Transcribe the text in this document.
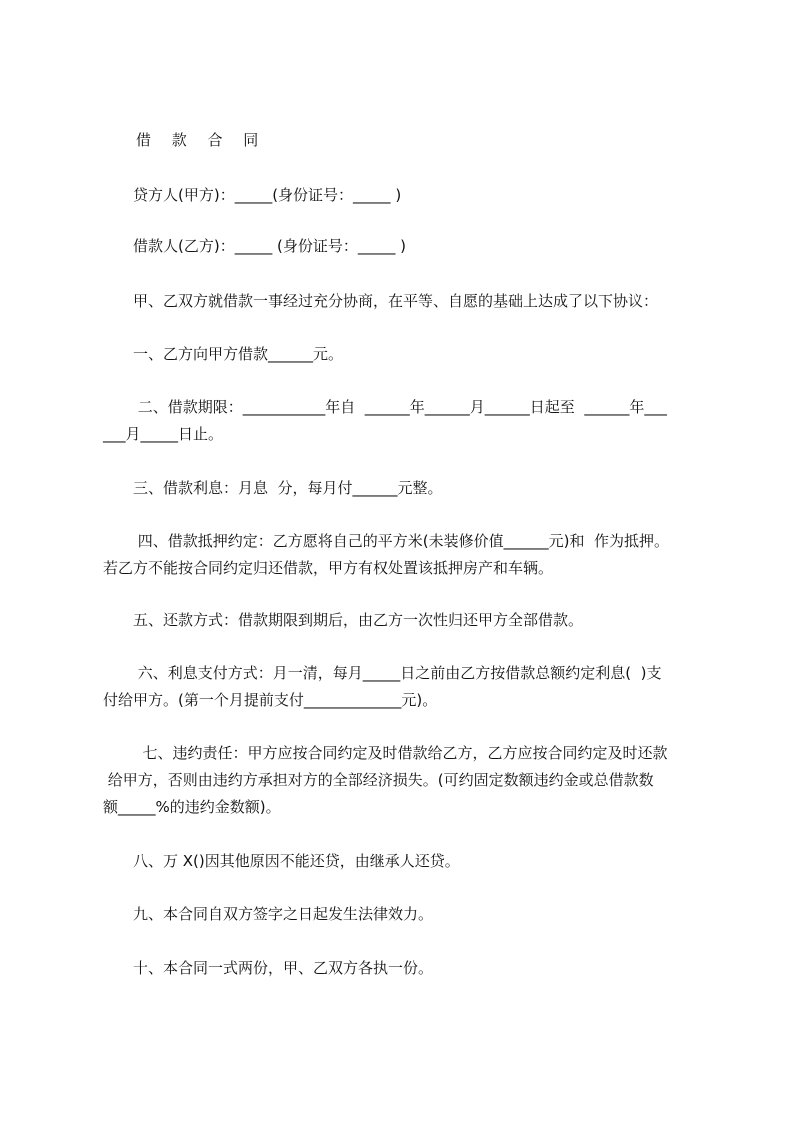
借 款 合 同
　　贷方人(甲方)：_____(身份证号：_____ )
　　借款人(乙方)：_____ (身份证号：_____ )
　　甲、乙双方就借款一事经过充分协商，在平等、自愿的基础上达成了以下协议：
　　一、乙方向甲方借款______元。
　　 二、借款期限：___________年自  ______年______月______日起至  ______年___
___月_____日止。
　　三、借款利息：月息  分，每月付______元整。
　　 四、借款抵押约定：乙方愿将自己的平方米(未装修价值______元)和  作为抵押。
若乙方不能按合同约定归还借款，甲方有权处置该抵押房产和车辆。
　　五、还款方式：借款期限到期后，由乙方一次性归还甲方全部借款。
　　 六、利息支付方式：月一清，每月_____日之前由乙方按借款总额约定利息(  )支
付给甲方。(第一个月提前支付_____________元)。
　　  七、违约责任：甲方应按合同约定及时借款给乙方，乙方应按合同约定及时还款
给甲方，否则由违约方承担对方的全部经济损失。(可约固定数额违约金或总借款数
额_____%的违约金数额)。
　　八、万 X()因其他原因不能还贷，由继承人还贷。
　　九、本合同自双方签字之日起发生法律效力。
　　十、本合同一式两份，甲、乙双方各执一份。
